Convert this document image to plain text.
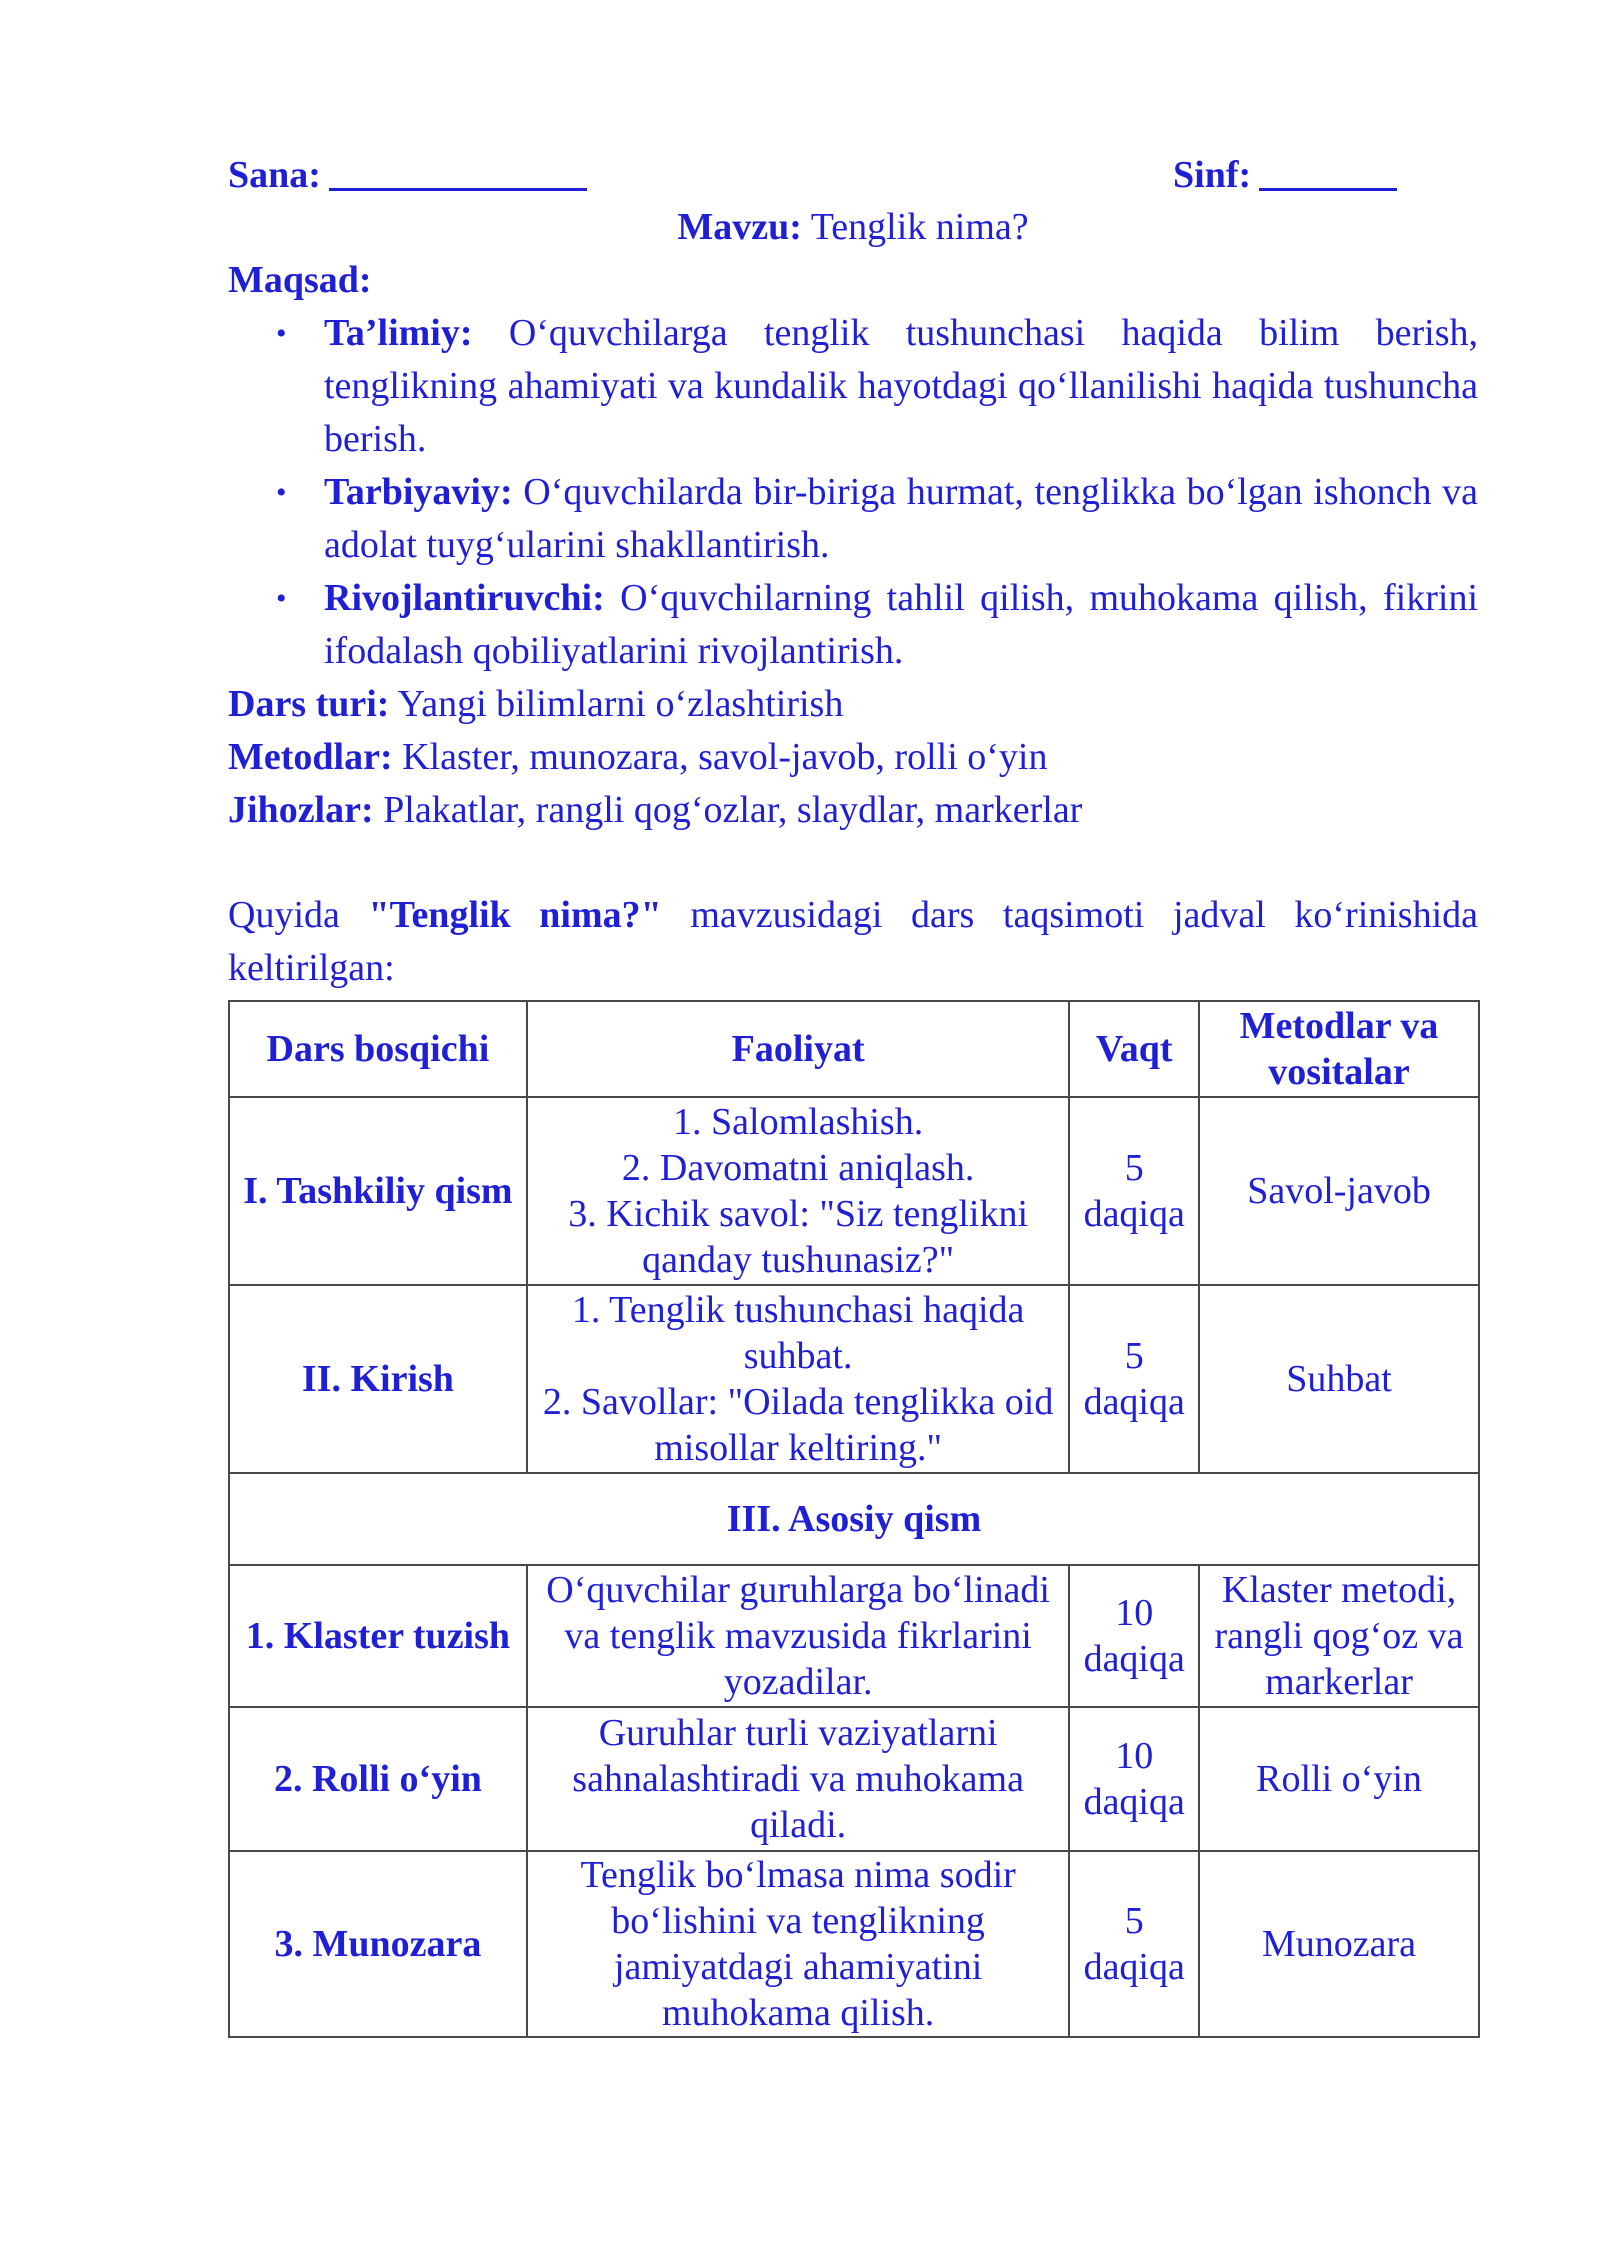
Sana:	Sinf:
Mavzu: Tenglik nima?
Maqsad:
• Ta’limiy: O‘quvchilarga tenglik tushunchasi haqida bilim berish, tenglikning ahamiyati va kundalik hayotdagi qo‘llanilishi haqida tushuncha berish.
• Tarbiyaviy: O‘quvchilarda bir-biriga hurmat, tenglikka bo‘lgan ishonch va adolat tuyg‘ularini shakllantirish.
• Rivojlantiruvchi: O‘quvchilarning tahlil qilish, muhokama qilish, fikrini ifodalash qobiliyatlarini rivojlantirish.
Dars turi: Yangi bilimlarni o‘zlashtirish
Metodlar: Klaster, munozara, savol-javob, rolli o‘yin
Jihozlar: Plakatlar, rangli qog‘ozlar, slaydlar, markerlar
Quyida "Tenglik nima?" mavzusidagi dars taqsimoti jadval ko‘rinishida keltirilgan:
Dars bosqichi	Faoliyat	Vaqt	Metodlar va vositalar
I. Tashkiliy qism	1. Salomlashish.
2. Davomatni aniqlash.
3. Kichik savol: "Siz tenglikni qanday tushunasiz?"	5 daqiqa	Savol-javob
II. Kirish	1. Tenglik tushunchasi haqida suhbat.
2. Savollar: "Oilada tenglikka oid misollar keltiring."	5 daqiqa	Suhbat
III. Asosiy qism			
1. Klaster tuzish	O‘quvchilar guruhlarga bo‘linadi va tenglik mavzusida fikrlarini yozadilar.	10 daqiqa	Klaster metodi, rangli qog‘oz va markerlar
2. Rolli o‘yin	Guruhlar turli vaziyatlarni sahnalashtiradi va muhokama qiladi.	10 daqiqa	Rolli o‘yin
3. Munozara	Tenglik bo‘lmasa nima sodir bo‘lishini va tenglikning jamiyatdagi ahamiyatini muhokama qilish.	5 daqiqa	Munozara
